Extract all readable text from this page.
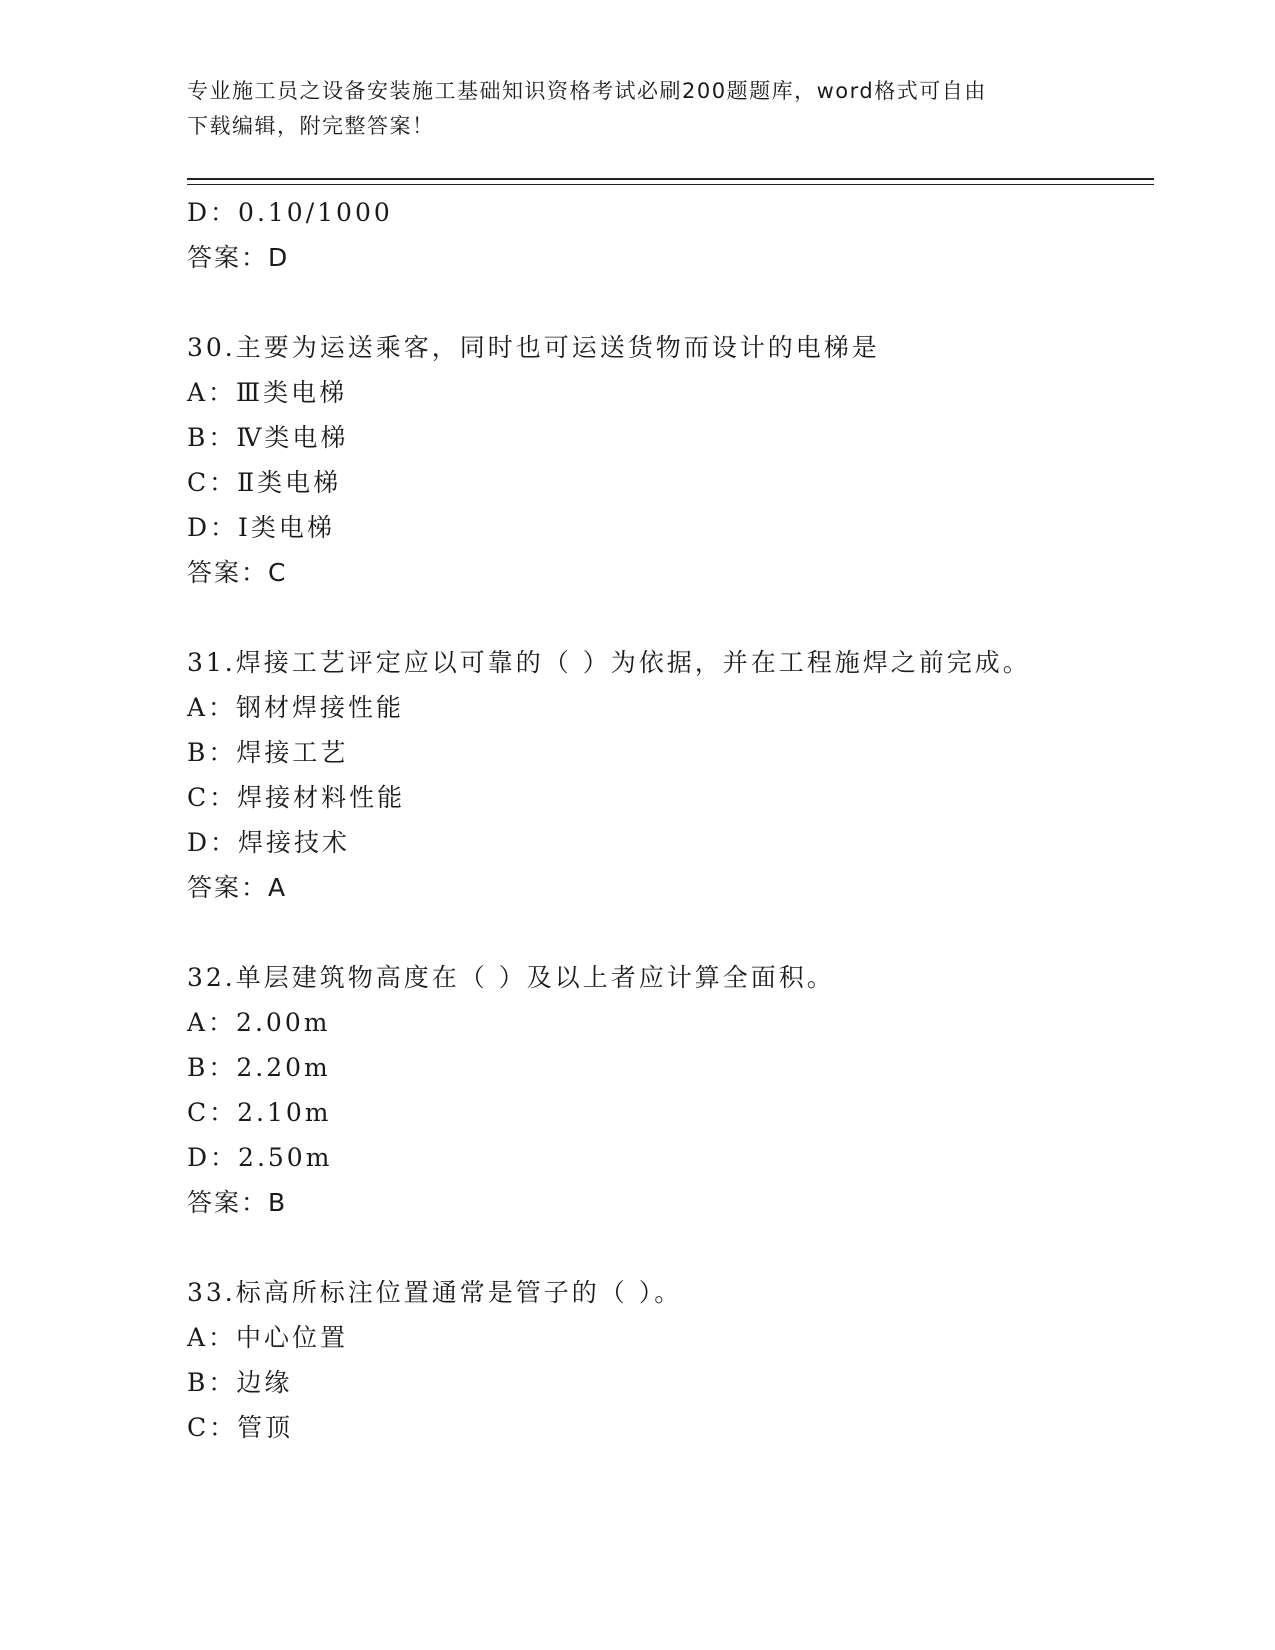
专业施工员之设备安装施工基础知识资格考试必刷200题题库，word格式可自由
下载编辑，附完整答案！
D：0.10/1000
答案：D
30.主要为运送乘客，同时也可运送货物而设计的电梯是
A：Ⅲ类电梯
B：Ⅳ类电梯
C：Ⅱ类电梯
D：Ⅰ类电梯
答案：C
31.焊接工艺评定应以可靠的（ ）为依据，并在工程施焊之前完成。
A：钢材焊接性能
B：焊接工艺
C：焊接材料性能
D：焊接技术
答案：A
32.单层建筑物高度在（ ）及以上者应计算全面积。
A：2.00m
B：2.20m
C：2.10m
D：2.50m
答案：B
33.标高所标注位置通常是管子的（ ）。
A：中心位置
B：边缘
C：管顶
